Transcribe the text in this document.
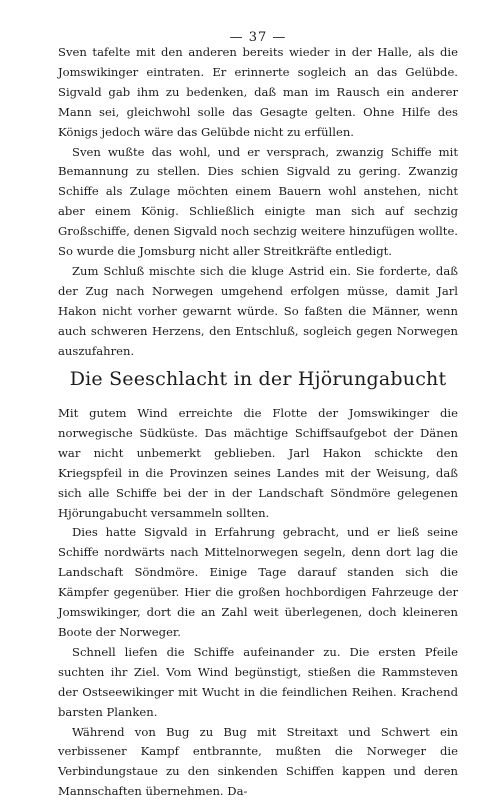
— 37 —

Sven tafelte mit den anderen bereits wieder in der Halle, als die Jomswikinger eintraten. Er erinnerte sogleich an das Gelübde. Sigvald gab ihm zu bedenken, daß man im Rausch ein anderer Mann sei, gleichwohl solle das Gesagte gelten. Ohne Hilfe des Königs jedoch wäre das Gelübde nicht zu erfüllen.

Sven wußte das wohl, und er versprach, zwanzig Schiffe mit Bemannung zu stellen. Dies schien Sigvald zu gering. Zwanzig Schiffe als Zulage möchten einem Bauern wohl anstehen, nicht aber einem König. Schließlich einigte man sich auf sechzig Großschiffe, denen Sigvald noch sechzig weitere hinzufügen wollte. So wurde die Jomsburg nicht aller Streitkräfte entledigt.

Zum Schluß mischte sich die kluge Astrid ein. Sie forderte, daß der Zug nach Norwegen umgehend erfolgen müsse, damit Jarl Hakon nicht vorher gewarnt würde. So faßten die Männer, wenn auch schweren Herzens, den Entschluß, sogleich gegen Norwegen auszufahren.

Die Seeschlacht in der Hjörungabucht

Mit gutem Wind erreichte die Flotte der Jomswikinger die norwegische Südküste. Das mächtige Schiffsaufgebot der Dänen war nicht unbemerkt geblieben. Jarl Hakon schickte den Kriegspfeil in die Provinzen seines Landes mit der Weisung, daß sich alle Schiffe bei der in der Landschaft Söndmöre gelegenen Hjörungabucht versammeln sollten.

Dies hatte Sigvald in Erfahrung gebracht, und er ließ seine Schiffe nordwärts nach Mittelnorwegen segeln, denn dort lag die Landschaft Söndmöre. Einige Tage darauf standen sich die Kämpfer gegenüber. Hier die großen hochbordigen Fahrzeuge der Jomswikinger, dort die an Zahl weit überlegenen, doch kleineren Boote der Norweger.

Schnell liefen die Schiffe aufeinander zu. Die ersten Pfeile suchten ihr Ziel. Vom Wind begünstigt, stießen die Rammsteven der Ostseewikinger mit Wucht in die feindlichen Reihen. Krachend barsten Planken.

Während von Bug zu Bug mit Streitaxt und Schwert ein verbissener Kampf entbrannte, mußten die Norweger die Verbindungstaue zu den sinkenden Schiffen kappen und deren Mannschaften übernehmen. Da-
